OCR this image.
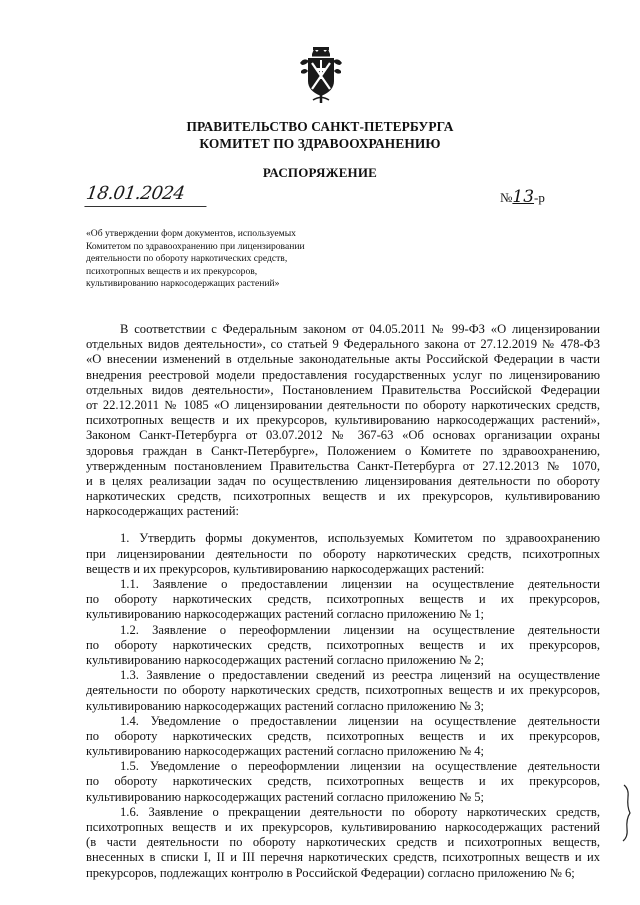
ПРАВИТЕЛЬСТВО САНКТ-ПЕТЕРБУРГА
КОМИТЕТ ПО ЗДРАВООХРАНЕНИЮ
РАСПОРЯЖЕНИЕ
18.01.2024	№13-р
«Об утверждении форм документов, используемых
Комитетом по здравоохранению при лицензировании
деятельности по обороту наркотических средств,
психотропных веществ и их прекурсоров,
культивированию наркосодержащих растений»
В соответствии с Федеральным законом от 04.05.2011 № 99-ФЗ «О лицензировании
отдельных видов деятельности», со статьей 9 Федерального закона от 27.12.2019 № 478-ФЗ
«О внесении изменений в отдельные законодательные акты Российской Федерации в части
внедрения реестровой модели предоставления государственных услуг по лицензированию
отдельных видов деятельности», Постановлением Правительства Российской Федерации
от 22.12.2011 № 1085 «О лицензировании деятельности по обороту наркотических средств,
психотропных веществ и их прекурсоров, культивированию наркосодержащих растений»,
Законом Санкт-Петербурга от 03.07.2012 № 367-63 «Об основах организации охраны
здоровья граждан в Санкт-Петербурге», Положением о Комитете по здравоохранению,
утвержденным постановлением Правительства Санкт-Петербурга от 27.12.2013 № 1070,
и в целях реализации задач по осуществлению лицензирования деятельности по обороту
наркотических средств, психотропных веществ и их прекурсоров, культивированию
наркосодержащих растений:
1. Утвердить формы документов, используемых Комитетом по здравоохранению
при лицензировании деятельности по обороту наркотических средств, психотропных
веществ и их прекурсоров, культивированию наркосодержащих растений:
1.1. Заявление о предоставлении лицензии на осуществление деятельности
по обороту наркотических средств, психотропных веществ и их прекурсоров,
культивированию наркосодержащих растений согласно приложению № 1;
1.2. Заявление о переоформлении лицензии на осуществление деятельности
по обороту наркотических средств, психотропных веществ и их прекурсоров,
культивированию наркосодержащих растений согласно приложению № 2;
1.3. Заявление о предоставлении сведений из реестра лицензий на осуществление
деятельности по обороту наркотических средств, психотропных веществ и их прекурсоров,
культивированию наркосодержащих растений согласно приложению № 3;
1.4. Уведомление о предоставлении лицензии на осуществление деятельности
по обороту наркотических средств, психотропных веществ и их прекурсоров,
культивированию наркосодержащих растений согласно приложению № 4;
1.5. Уведомление о переоформлении лицензии на осуществление деятельности
по обороту наркотических средств, психотропных веществ и их прекурсоров,
культивированию наркосодержащих растений согласно приложению № 5;
1.6. Заявление о прекращении деятельности по обороту наркотических средств,
психотропных веществ и их прекурсоров, культивированию наркосодержащих растений
(в части деятельности по обороту наркотических средств и психотропных веществ,
внесенных в списки I, II и III перечня наркотических средств, психотропных веществ и их
прекурсоров, подлежащих контролю в Российской Федерации) согласно приложению № 6;
